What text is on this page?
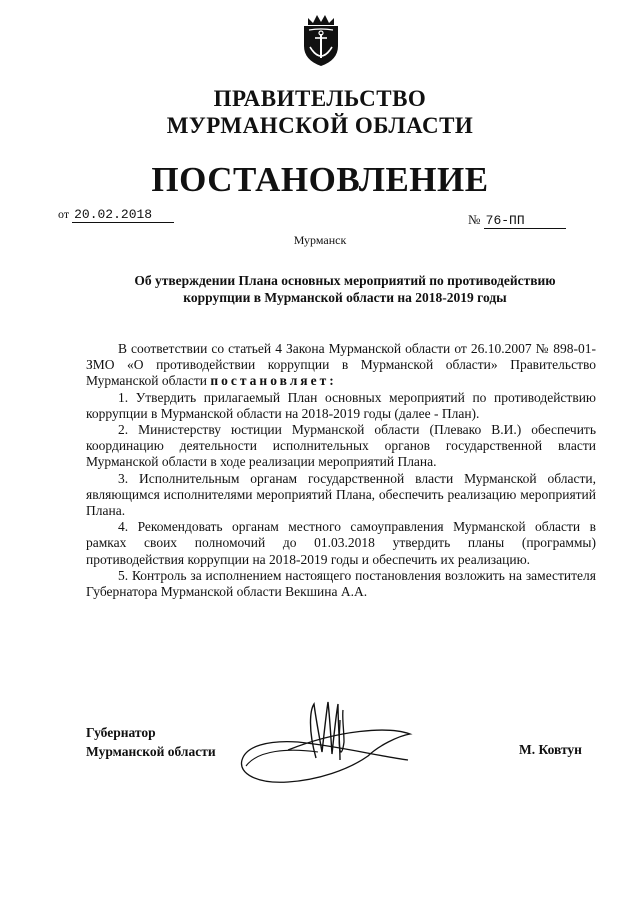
ПРАВИТЕЛЬСТВО
МУРМАНСКОЙ ОБЛАСТИ
ПОСТАНОВЛЕНИЕ
от 20.02.2018	№ 76-ПП
Мурманск
Об утверждении Плана основных мероприятий по противодействию
коррупции в Мурманской области на 2018-2019 годы

В соответствии со статьей 4 Закона Мурманской области от 26.10.2007 № 898-01-ЗМО «О противодействии коррупции в Мурманской области» Правительство Мурманской области постановляет:

1. Утвердить прилагаемый План основных мероприятий по противодействию коррупции в Мурманской области на 2018-2019 годы (далее - План).

2. Министерству юстиции Мурманской области (Плевако В.И.) обеспечить координацию деятельности исполнительных органов государственной власти Мурманской области в ходе реализации мероприятий Плана.

3. Исполнительным органам государственной власти Мурманской области, являющимся исполнителями мероприятий Плана, обеспечить реализацию мероприятий Плана.

4. Рекомендовать органам местного самоуправления Мурманской области в рамках своих полномочий до 01.03.2018 утвердить планы (программы) противодействия коррупции на 2018-2019 годы и обеспечить их реализацию.

5. Контроль за исполнением настоящего постановления возложить на заместителя Губернатора Мурманской области Векшина А.А.

Губернатор
Мурманской области	М. Ковтун
